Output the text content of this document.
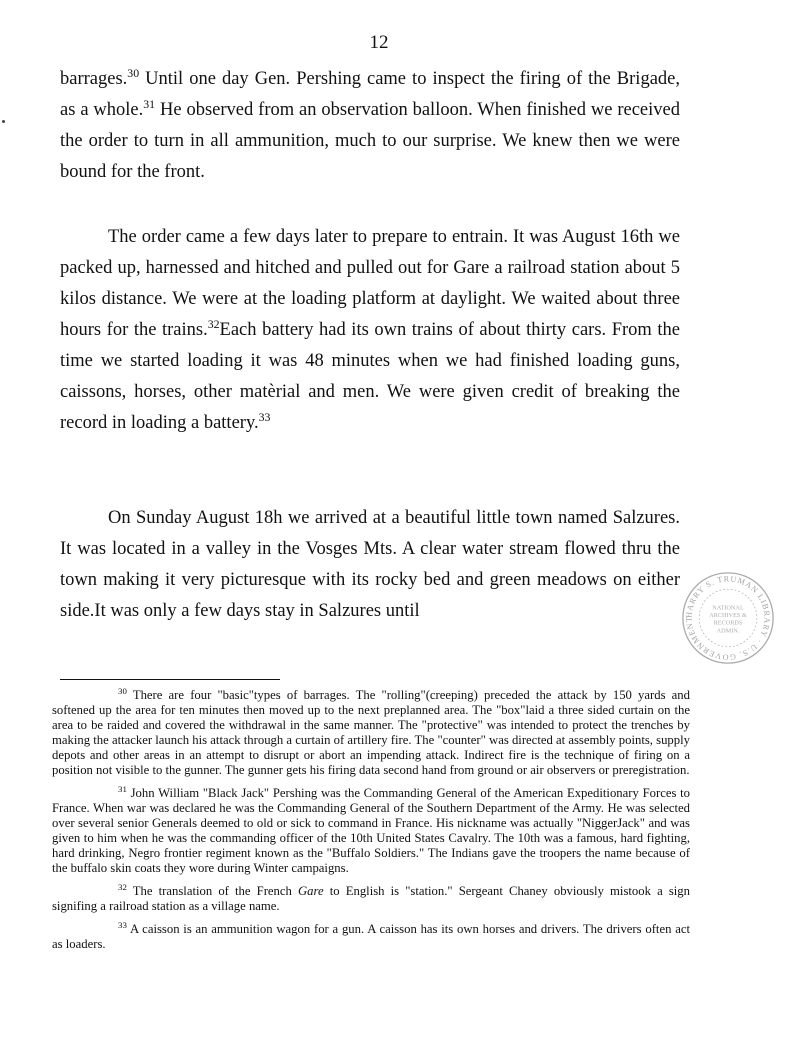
12

barrages.$^{30}$ Until one day Gen. Pershing came to inspect the firing of the Brigade, as a whole.$^{31}$ He observed from an observation balloon. When finished we received the order to turn in all ammunition, much to our surprise. We knew then we were bound for the front.

The order came a few days later to prepare to entrain. It was August 16th we packed up, harnessed and hitched and pulled out for Gare a railroad station about 5 kilos distance. We were at the loading platform at daylight. We waited about three hours for the trains.$^{32}$Each battery had its own trains of about thirty cars. From the time we started loading it was 48 minutes when we had finished loading guns, caissons, horses, other matèrial and men. We were given credit of breaking the record in loading a battery.$^{33}$

On Sunday August 18h we arrived at a beautiful little town named Salzures. It was located in a valley in the Vosges Mts. A clear water stream flowed thru the town making it very picturesque with its rocky bed and green meadows on either side.It was only a few days stay in Salzures until

$^{30}$ There are four "basic"types of barrages. The "rolling"(creeping) preceded the attack by 150 yards and softened up the area for ten minutes then moved up to the next preplanned area. The "box"laid a three sided curtain on the area to be raided and covered the withdrawal in the same manner. The "protective" was intended to protect the trenches by making the attacker launch his attack through a curtain of artillery fire. The "counter" was directed at assembly points, supply depots and other areas in an attempt to disrupt or abort an impending attack. Indirect fire is the technique of firing on a position not visible to the gunner. The gunner gets his firing data second hand from ground or air observers or preregistration.

$^{31}$ John William "Black Jack" Pershing was the Commanding General of the American Expeditionary Forces to France. When war was declared he was the Commanding General of the Southern Department of the Army. He was selected over several senior Generals deemed to old or sick to command in France. His nickname was actually "NiggerJack" and was given to him when he was the commanding officer of the 10th United States Cavalry. The 10th was a famous, hard fighting, hard drinking, Negro frontier regiment known as the "Buffalo Soldiers." The Indians gave the troopers the name because of the buffalo skin coats they wore during Winter campaigns.

$^{32}$ The translation of the French Gare to English is "station." Sergeant Chaney obviously mistook a sign signifing a railroad station as a village name.

$^{33}$ A caisson is an ammunition wagon for a gun. A caisson has its own horses and drivers. The drivers often act as loaders.

HARRY S. TRUMAN LIBRARY · U.S. GOVERNMENT
NATIONAL
ARCHIVES &
RECORDS
ADMIN.
